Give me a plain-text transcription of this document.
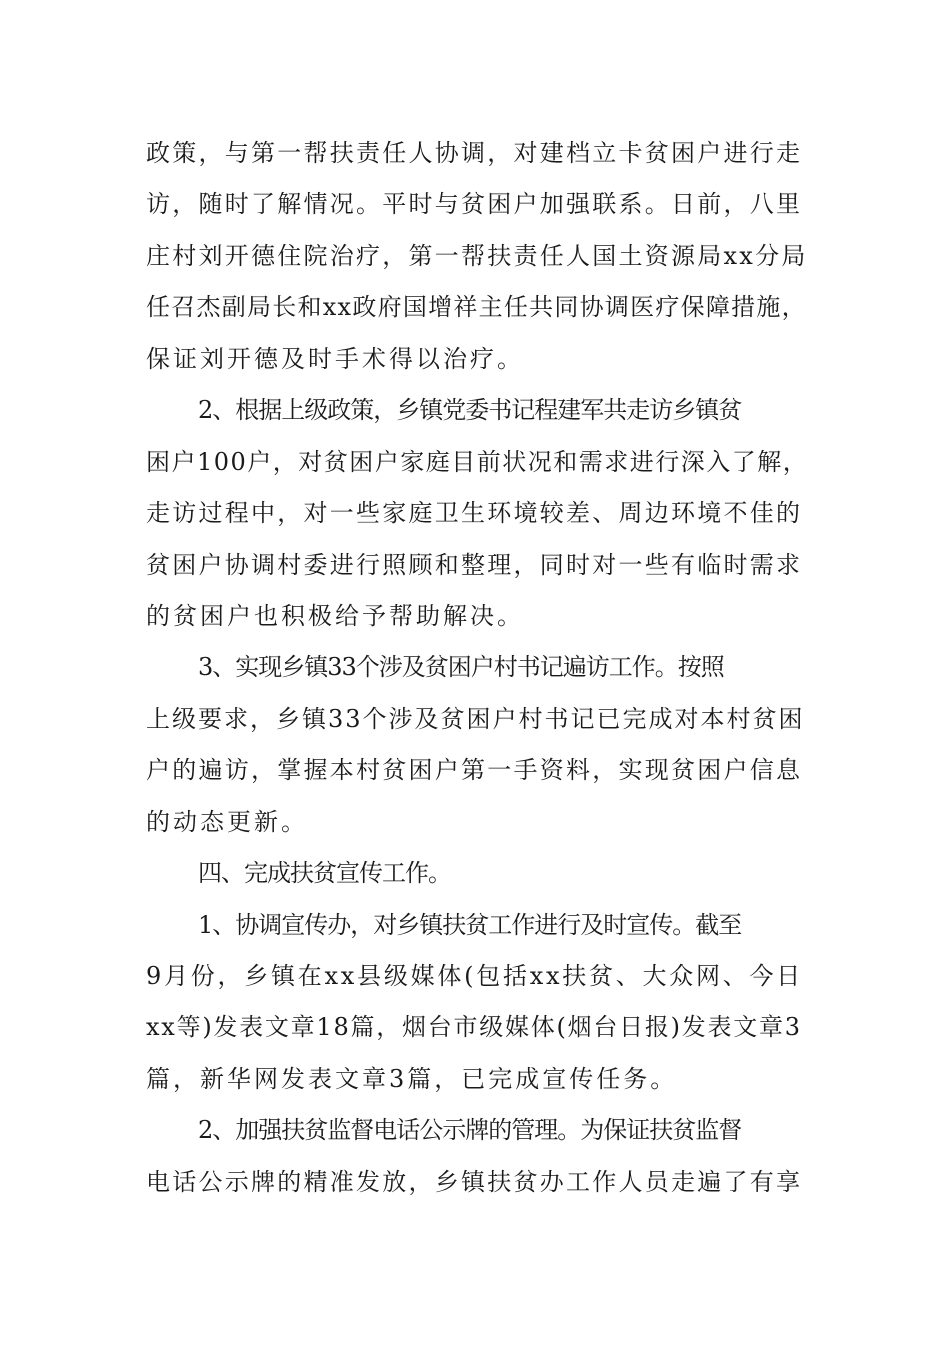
政策，与第一帮扶责任人协调，对建档立卡贫困户进行走
访，随时了解情况。平时与贫困户加强联系。日前，八里
庄村刘开德住院治疗，第一帮扶责任人国土资源局xx分局
任召杰副局长和xx政府国增祥主任共同协调医疗保障措施，
保证刘开德及时手术得以治疗。
2、根据上级政策，乡镇党委书记程建军共走访乡镇贫
困户100户，对贫困户家庭目前状况和需求进行深入了解，
走访过程中，对一些家庭卫生环境较差、周边环境不佳的
贫困户协调村委进行照顾和整理，同时对一些有临时需求
的贫困户也积极给予帮助解决。
3、实现乡镇33个涉及贫困户村书记遍访工作。按照
上级要求，乡镇33个涉及贫困户村书记已完成对本村贫困
户的遍访，掌握本村贫困户第一手资料，实现贫困户信息
的动态更新。
四、完成扶贫宣传工作。
1、协调宣传办，对乡镇扶贫工作进行及时宣传。截至
9月份，乡镇在xx县级媒体(包括xx扶贫、大众网、今日
xx等)发表文章18篇，烟台市级媒体(烟台日报)发表文章3
篇，新华网发表文章3篇，已完成宣传任务。
2、加强扶贫监督电话公示牌的管理。为保证扶贫监督
电话公示牌的精准发放，乡镇扶贫办工作人员走遍了有享
